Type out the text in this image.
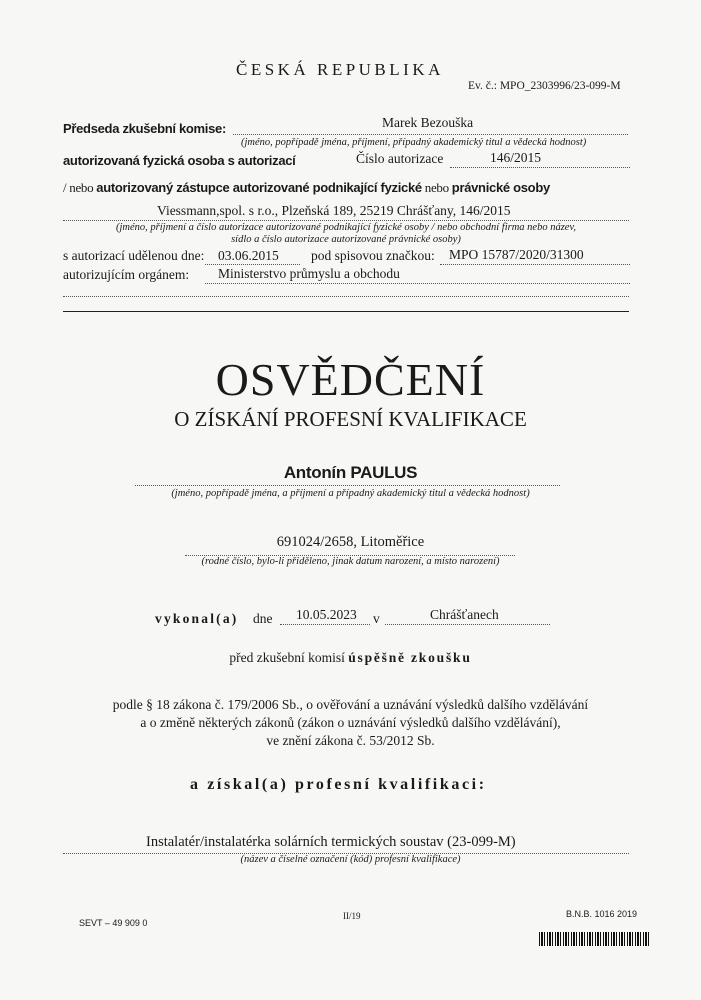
ČESKÁ REPUBLIKA
Ev. č.: MPO_2303996/23-099-M
Předseda zkušební komise:	Marek Bezouška
(jméno, popřípadě jména, příjmení, případný akademický titul a vědecká hodnost)
autorizovaná fyzická osoba s autorizací	Číslo autorizace	146/2015
/ nebo autorizovaný zástupce autorizované podnikající fyzické nebo právnické osoby
Viessmann,spol. s r.o., Plzeňská 189, 25219 Chrášťany, 146/2015
(jméno, příjmení a číslo autorizace autorizované podnikající fyzické osoby / nebo obchodní firma nebo název,
sídlo a číslo autorizace autorizované právnické osoby)
s autorizací udělenou dne: 03.06.2015 pod spisovou značkou: MPO 15787/2020/31300
autorizujícím orgánem: Ministerstvo průmyslu a obchodu
OSVĚDČENÍ
O ZÍSKÁNÍ PROFESNÍ KVALIFIKACE
Antonín PAULUS
(jméno, popřípadě jména, a příjmení a případný akademický titul a vědecká hodnost)
691024/2658, Litoměřice
(rodné číslo, bylo-li přiděleno, jinak datum narození, a místo narození)
vykonal(a) dne 10.05.2023 v	Chrášťanech
před zkušební komisí úspěšně zkoušku
podle § 18 zákona č. 179/2006 Sb., o ověřování a uznávání výsledků dalšího vzdělávání
a o změně některých zákonů (zákon o uznávání výsledků dalšího vzdělávání),
ve znění zákona č. 53/2012 Sb.
a získal(a) profesní kvalifikaci:
Instalatér/instalatérka solárních termických soustav (23-099-M)
(název a číselné označení (kód) profesní kvalifikace)
SEVT – 49 909 0
II/19	B.N.B. 1016 2019
